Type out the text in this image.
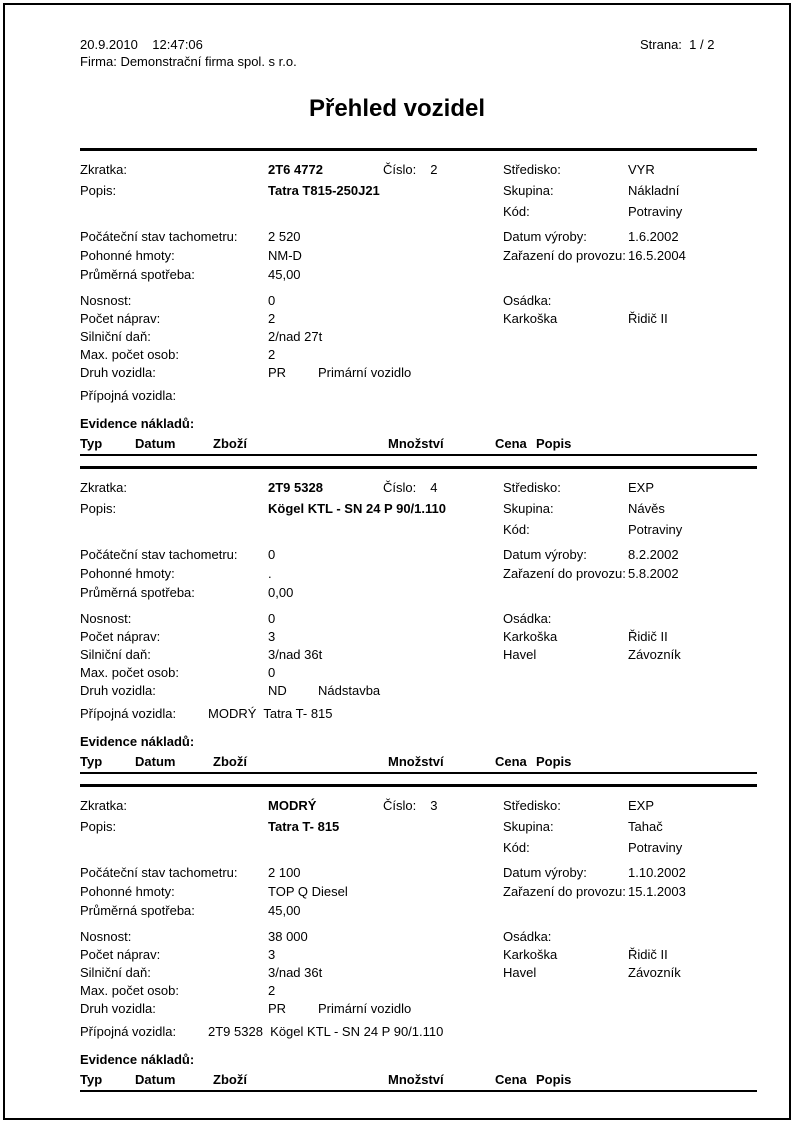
20.9.2010    12:47:06
Firma: Demonstrační firma spol. s r.o.
Strana:  1 / 2
Přehled vozidel
Zkratka:	2T6 4772	Číslo: 2	Středisko:	VYR
Popis:	Tatra T815-250J21	Skupina:	Nákladní
Kód:	Potraviny
Počáteční stav tachometru:	2 520	Datum výroby:	1.6.2002
Pohonné hmoty:	NM-D	Zařazení do provozu: 16.5.2004
Průměrná spotřeba:	45,00
Nosnost:	0	Osádka:
Počet náprav:	2	Karkoška	Řidič II
Silniční daň:	2/nad 27t
Max. počet osob:	2
Druh vozidla:	PR	Primární vozidlo
Přípojná vozidla:
Evidence nákladů:
Typ	Datum	Zboží	Množství	Cena Popis
Zkratka:	2T9 5328	Číslo: 4	Středisko:	EXP
Popis:	Kögel KTL - SN 24 P 90/1.110	Skupina:	Návěs
Kód:	Potraviny
Počáteční stav tachometru:	0	Datum výroby:	8.2.2002
Pohonné hmoty:	.	Zařazení do provozu: 5.8.2002
Průměrná spotřeba:	0,00
Nosnost:	0	Osádka:
Počet náprav:	3	Karkoška	Řidič II
Silniční daň:	3/nad 36t	Havel	Závozník
Max. počet osob:	0
Druh vozidla:	ND	Nádstavba
Přípojná vozidla:	MODRÝ  Tatra T- 815
Evidence nákladů:
Typ	Datum	Zboží	Množství	Cena Popis
Zkratka:	MODRÝ	Číslo: 3	Středisko:	EXP
Popis:	Tatra T- 815	Skupina:	Tahač
Kód:	Potraviny
Počáteční stav tachometru:	2 100	Datum výroby:	1.10.2002
Pohonné hmoty:	TOP Q Diesel	Zařazení do provozu: 15.1.2003
Průměrná spotřeba:	45,00
Nosnost:	38 000	Osádka:
Počet náprav:	3	Karkoška	Řidič II
Silniční daň:	3/nad 36t	Havel	Závozník
Max. počet osob:	2
Druh vozidla:	PR	Primární vozidlo
Přípojná vozidla:	2T9 5328  Kögel KTL - SN 24 P 90/1.110
Evidence nákladů:
Typ	Datum	Zboží	Množství	Cena Popis
